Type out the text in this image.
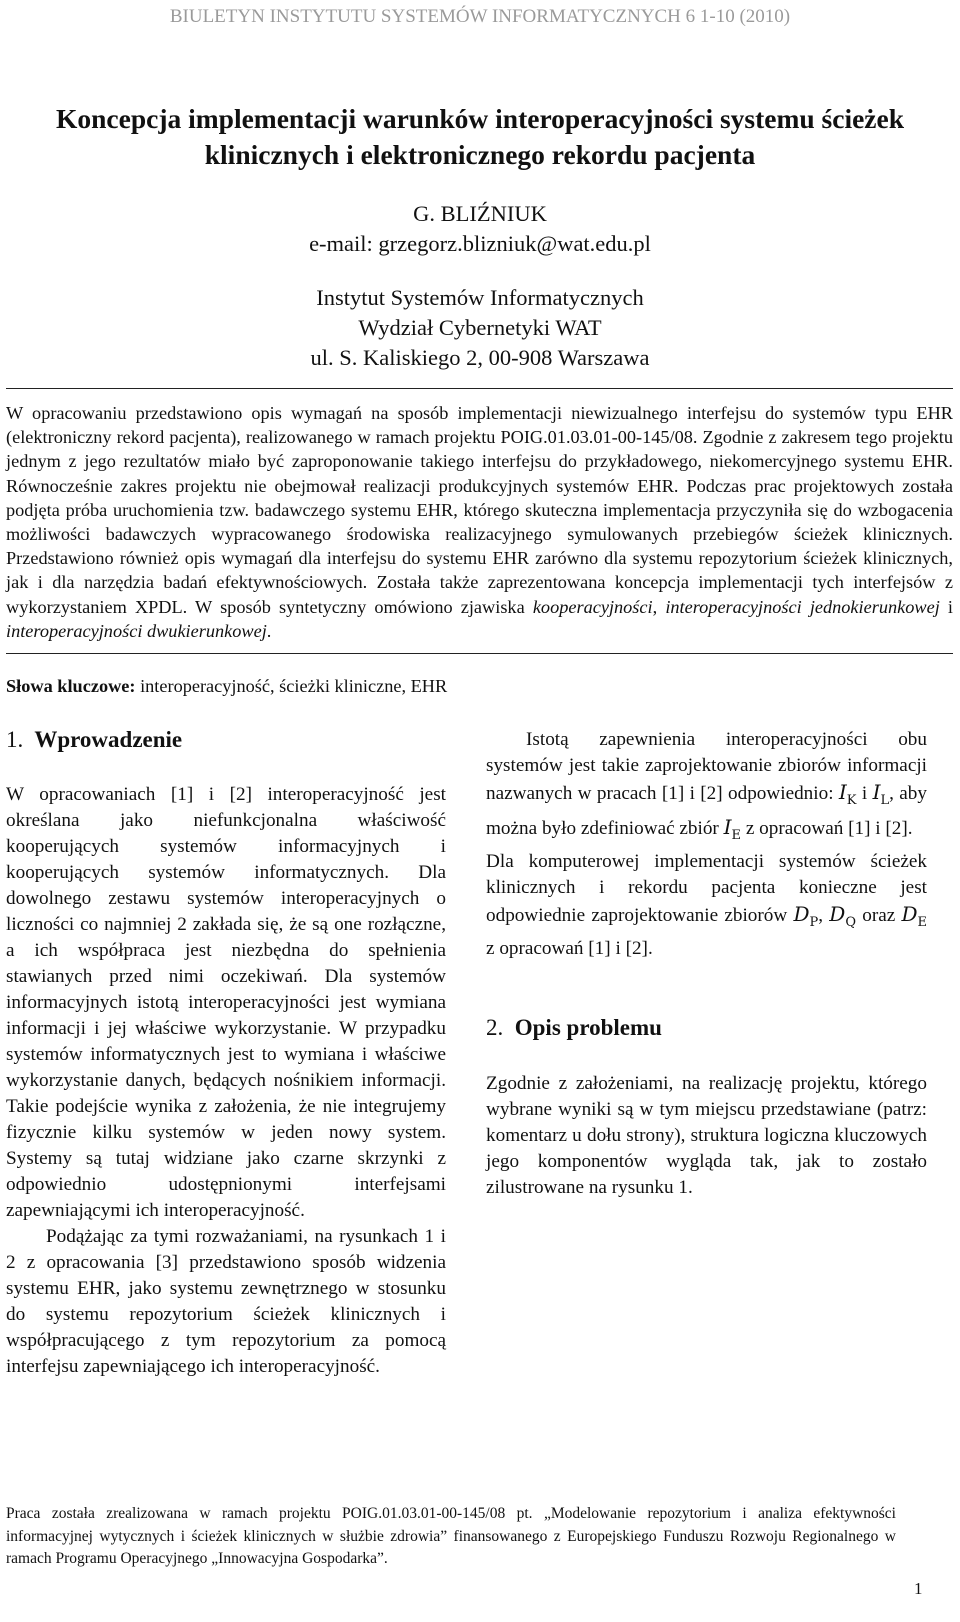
BIULETYN INSTYTUTU SYSTEMÓW INFORMATYCZNYCH 6 1-10 (2010)
Koncepcja implementacji warunków interoperacyjności systemu ścieżek
klinicznych i elektronicznego rekordu pacjenta
G. BLIŹNIUK
e-mail: grzegorz.blizniuk@wat.edu.pl
Instytut Systemów Informatycznych
Wydział Cybernetyki WAT
ul. S. Kaliskiego 2, 00-908 Warszawa

W opracowaniu przedstawiono opis wymagań na sposób implementacji niewizualnego interfejsu do systemów typu EHR (elektroniczny rekord pacjenta), realizowanego w ramach projektu POIG.01.03.01-00-145/08. Zgodnie z zakresem tego projektu jednym z jego rezultatów miało być zaproponowanie takiego interfejsu do przykładowego, niekomercyjnego systemu EHR. Równocześnie zakres projektu nie obejmował realizacji produkcyjnych systemów EHR. Podczas prac projektowych została podjęta próba uruchomienia tzw. badawczego systemu EHR, którego skuteczna implementacja przyczyniła się do wzbogacenia możliwości badawczych wypracowanego środowiska realizacyjnego symulowanych przebiegów ścieżek klinicznych. Przedstawiono również opis wymagań dla interfejsu do systemu EHR zarówno dla systemu repozytorium ścieżek klinicznych, jak i dla narzędzia badań efektywnościowych. Została także zaprezentowana koncepcja implementacji tych interfejsów z wykorzystaniem XPDL. W sposób syntetyczny omówiono zjawiska kooperacyjności, interoperacyjności jednokierunkowej i interoperacyjności dwukierunkowej.

Słowa kluczowe: interoperacyjność, ścieżki kliniczne, EHR
1. Wprowadzenie

W opracowaniach [1] i [2] interoperacyjność jest określana jako niefunkcjonalna właściwość kooperujących systemów informacyjnych i kooperujących systemów informatycznych. Dla dowolnego zestawu systemów interoperacyjnych o liczności co najmniej 2 zakłada się, że są one rozłączne, a ich współpraca jest niezbędna do spełnienia stawianych przed nimi oczekiwań. Dla systemów informacyjnych istotą interoperacyjności jest wymiana informacji i jej właściwe wykorzystanie. W przypadku systemów informatycznych jest to wymiana i właściwe wykorzystanie danych, będących nośnikiem informacji. Takie podejście wynika z założenia, że nie integrujemy fizycznie kilku systemów w jeden nowy system. Systemy są tutaj widziane jako czarne skrzynki z odpowiednio udostępnionymi interfejsami zapewniającymi ich interoperacyjność.

Podążając za tymi rozważaniami, na rysunkach 1 i 2 z opracowania [3] przedstawiono sposób widzenia systemu EHR, jako systemu zewnętrznego w stosunku do systemu repozytorium ścieżek klinicznych i współpracującego z tym repozytorium za pomocą interfejsu zapewniającego ich interoperacyjność.

Istotą zapewnienia interoperacyjności obu systemów jest takie zaprojektowanie zbiorów informacji nazwanych w pracach [1] i [2] odpowiednio: $I_K$ i $I_L$, aby można było zdefiniować zbiór $I_E$ z opracowań [1] i [2].

Dla komputerowej implementacji systemów ścieżek klinicznych i rekordu pacjenta konieczne jest odpowiednie zaprojektowanie zbiorów $D_P$, $D_Q$ oraz $D_E$ z opracowań [1] i [2].

2. Opis problemu

Zgodnie z założeniami, na realizację projektu, którego wybrane wyniki są w tym miejscu przedstawiane (patrz: komentarz u dołu strony), struktura logiczna kluczowych jego komponentów wygląda tak, jak to zostało zilustrowane na rysunku 1.

Praca została zrealizowana w ramach projektu POIG.01.03.01-00-145/08 pt. „Modelowanie repozytorium i analiza efektywności informacyjnej wytycznych i ścieżek klinicznych w służbie zdrowia” finansowanego z Europejskiego Funduszu Rozwoju Regionalnego w ramach Programu Operacyjnego „Innowacyjna Gospodarka”.

1
